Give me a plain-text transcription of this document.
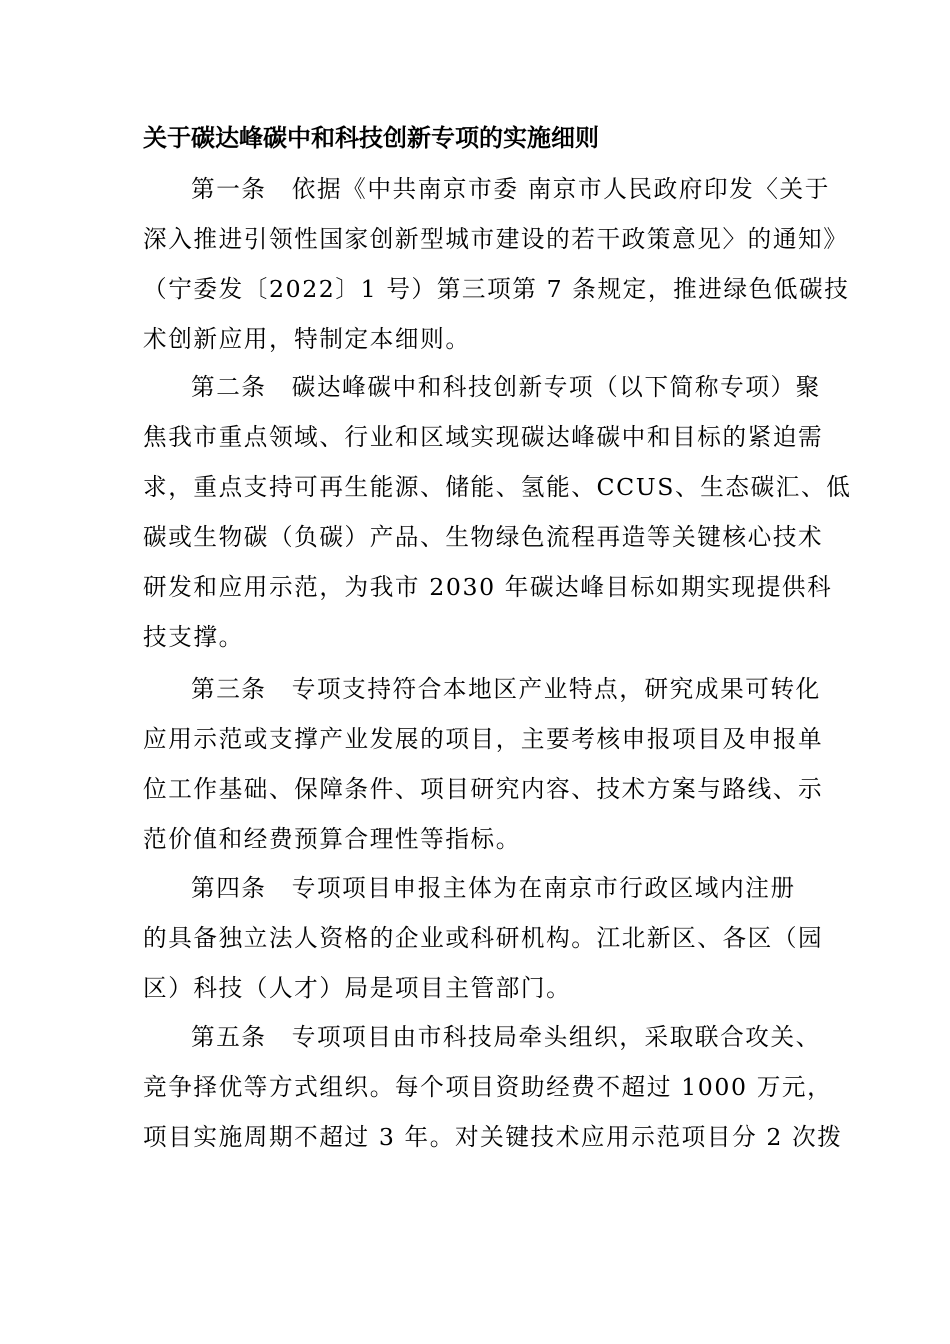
关于碳达峰碳中和科技创新专项的实施细则
第一条　依据《中共南京市委 南京市人民政府印发〈关于
深入推进引领性国家创新型城市建设的若干政策意见〉的通知》
（宁委发〔2022〕1 号）第三项第 7 条规定，推进绿色低碳技
术创新应用，特制定本细则。
第二条　碳达峰碳中和科技创新专项（以下简称专项）聚
焦我市重点领域、行业和区域实现碳达峰碳中和目标的紧迫需
求，重点支持可再生能源、储能、氢能、CCUS、生态碳汇、低
碳或生物碳（负碳）产品、生物绿色流程再造等关键核心技术
研发和应用示范，为我市 2030 年碳达峰目标如期实现提供科
技支撑。
第三条　专项支持符合本地区产业特点，研究成果可转化
应用示范或支撑产业发展的项目，主要考核申报项目及申报单
位工作基础、保障条件、项目研究内容、技术方案与路线、示
范价值和经费预算合理性等指标。
第四条　专项项目申报主体为在南京市行政区域内注册
的具备独立法人资格的企业或科研机构。江北新区、各区（园
区）科技（人才）局是项目主管部门。
第五条　专项项目由市科技局牵头组织，采取联合攻关、
竞争择优等方式组织。每个项目资助经费不超过 1000 万元，
项目实施周期不超过 3 年。对关键技术应用示范项目分 2 次拨
